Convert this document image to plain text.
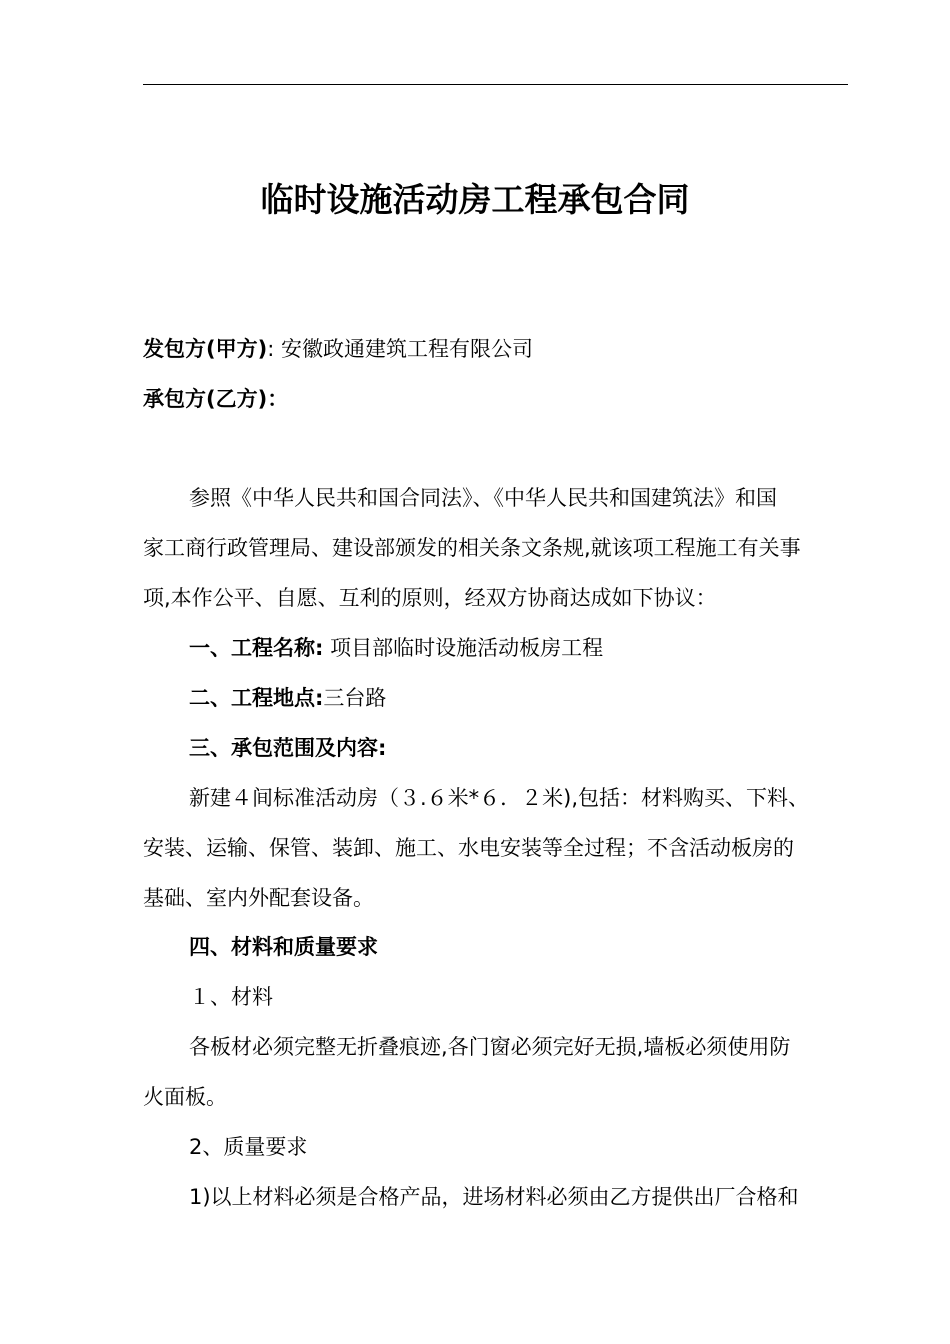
临时设施活动房工程承包合同
发包方(甲方): 安徽政通建筑工程有限公司
承包方(乙方)：
参照《中华人民共和国合同法》、《中华人民共和国建筑法》和国
家工商行政管理局、建设部颁发的相关条文条规,就该项工程施工有关事
项,本作公平、自愿、互利的原则，经双方协商达成如下协议：
一、工程名称: 项目部临时设施活动板房工程
二、工程地点:三台路
三、承包范围及内容:
新建４间标准活动房（３.６米*６．２米),包括：材料购买、下料、
安装、运输、保管、装卸、施工、水电安装等全过程；不含活动板房的
基础、室内外配套设备。
四、材料和质量要求
１、材料
各板材必须完整无折叠痕迹,各门窗必须完好无损,墙板必须使用防
火面板。
2、质量要求
1)以上材料必须是合格产品，进场材料必须由乙方提供出厂合格和
